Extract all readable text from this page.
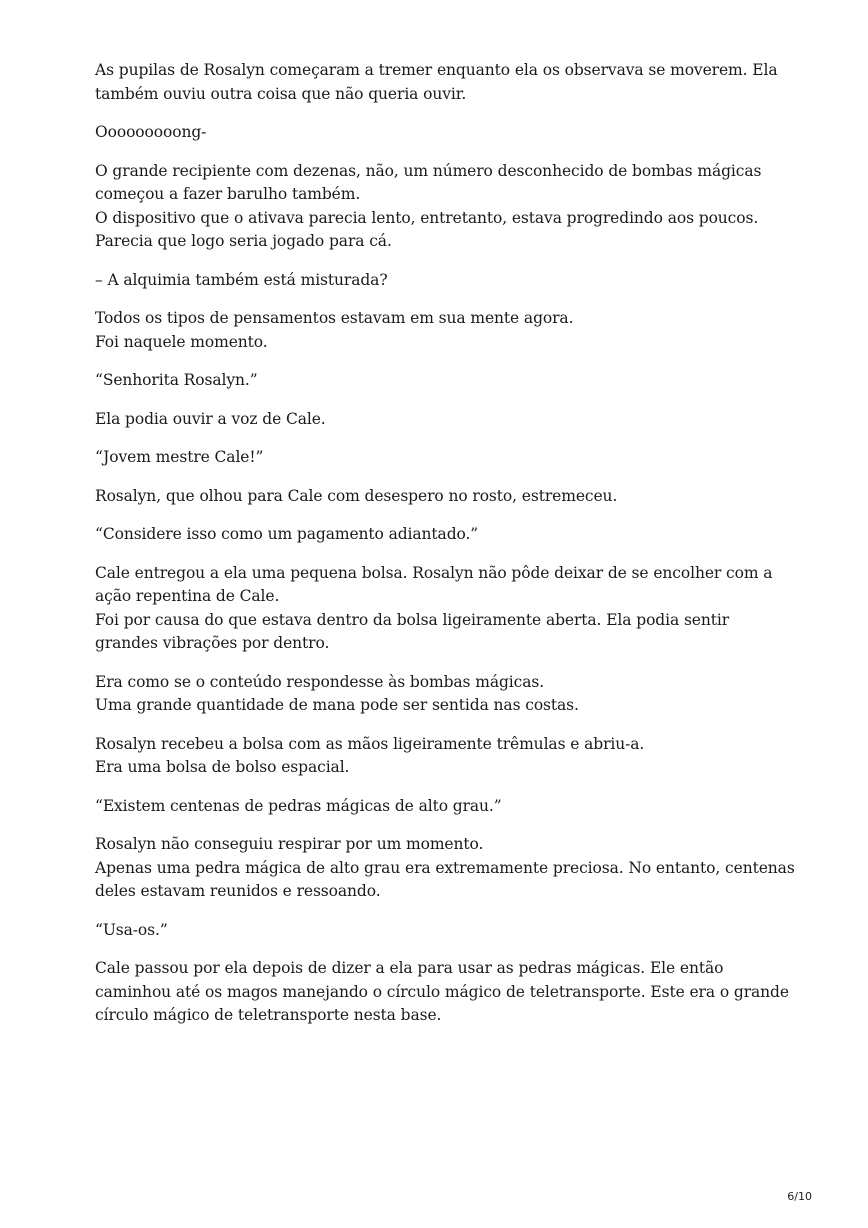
As pupilas de Rosalyn começaram a tremer enquanto ela os observava se moverem. Ela
também ouviu outra coisa que não queria ouvir.

Ooooooooong-

O grande recipiente com dezenas, não, um número desconhecido de bombas mágicas
começou a fazer barulho também.
O dispositivo que o ativava parecia lento, entretanto, estava progredindo aos poucos.
Parecia que logo seria jogado para cá.

– A alquimia também está misturada?

Todos os tipos de pensamentos estavam em sua mente agora.
Foi naquele momento.

“Senhorita Rosalyn.”

Ela podia ouvir a voz de Cale.

“Jovem mestre Cale!”

Rosalyn, que olhou para Cale com desespero no rosto, estremeceu.

“Considere isso como um pagamento adiantado.”

Cale entregou a ela uma pequena bolsa. Rosalyn não pôde deixar de se encolher com a
ação repentina de Cale.
Foi por causa do que estava dentro da bolsa ligeiramente aberta. Ela podia sentir
grandes vibrações por dentro.

Era como se o conteúdo respondesse às bombas mágicas.
Uma grande quantidade de mana pode ser sentida nas costas.

Rosalyn recebeu a bolsa com as mãos ligeiramente trêmulas e abriu-a.
Era uma bolsa de bolso espacial.

“Existem centenas de pedras mágicas de alto grau.”

Rosalyn não conseguiu respirar por um momento.
Apenas uma pedra mágica de alto grau era extremamente preciosa. No entanto, centenas
deles estavam reunidos e ressoando.

“Usa-os.”

Cale passou por ela depois de dizer a ela para usar as pedras mágicas. Ele então
caminhou até os magos manejando o círculo mágico de teletransporte. Este era o grande
círculo mágico de teletransporte nesta base.

6/10
